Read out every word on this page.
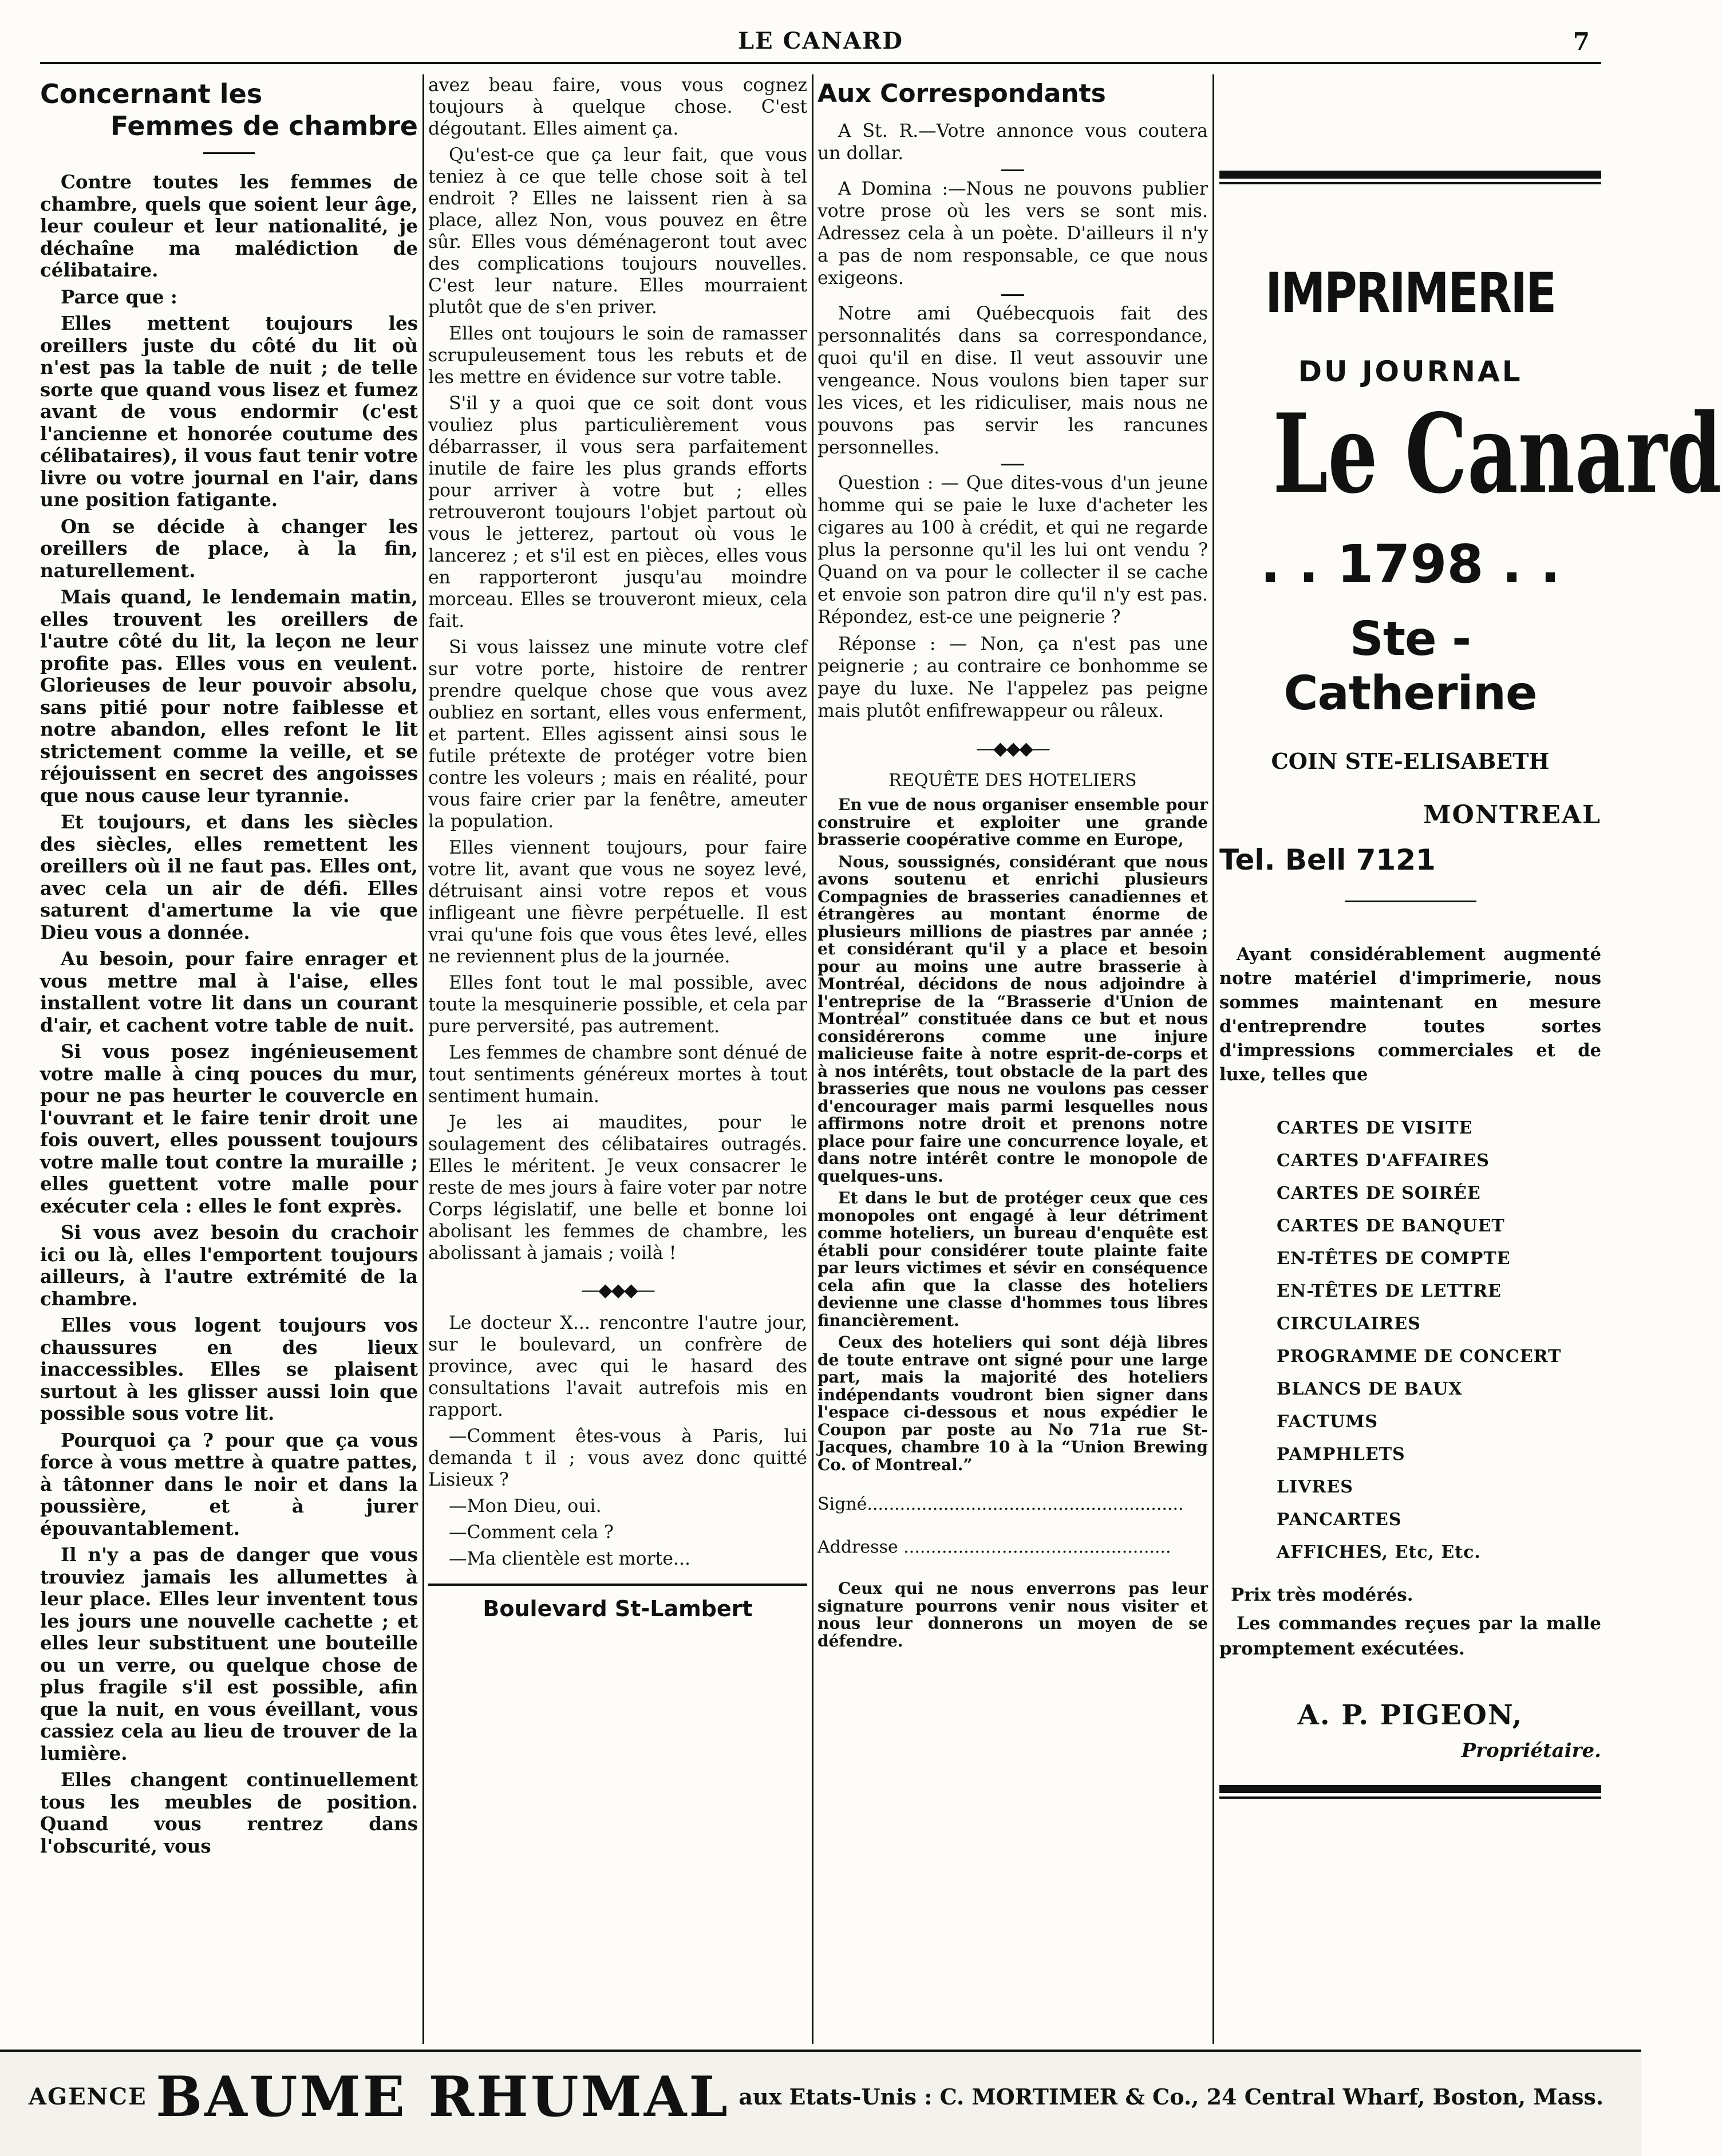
LE CANARD	7
Concernant les
Femmes de chambre

Contre toutes les femmes de chambre, quels que soient leur âge, leur couleur et leur nationalité, je déchaîne ma malédiction de célibataire.

Parce que :

Elles mettent toujours les oreillers juste du côté du lit où n'est pas la table de nuit ; de telle sorte que quand vous lisez et fumez avant de vous endormir (c'est l'ancienne et honorée coutume des célibataires), il vous faut tenir votre livre ou votre journal en l'air, dans une position fatigante.

On se décide à changer les oreillers de place, à la fin, naturellement.

Mais quand, le lendemain matin, elles trouvent les oreillers de l'autre côté du lit, la leçon ne leur profite pas. Elles vous en veulent. Glorieuses de leur pouvoir absolu, sans pitié pour notre faiblesse et notre abandon, elles refont le lit strictement comme la veille, et se réjouissent en secret des angoisses que nous cause leur tyrannie.

Et toujours, et dans les siècles des siècles, elles remettent les oreillers où il ne faut pas. Elles ont, avec cela un air de défi. Elles saturent d'amertume la vie que Dieu vous a donnée.

Au besoin, pour faire enrager et vous mettre mal à l'aise, elles installent votre lit dans un courant d'air, et cachent votre table de nuit.

Si vous posez ingénieusement votre malle à cinq pouces du mur, pour ne pas heurter le couvercle en l'ouvrant et le faire tenir droit une fois ouvert, elles poussent toujours votre malle tout contre la muraille ; elles guettent votre malle pour exécuter cela : elles le font exprès.

Si vous avez besoin du crachoir ici ou là, elles l'emportent toujours ailleurs, à l'autre extrémité de la chambre.

Elles vous logent toujours vos chaussures en des lieux inaccessibles. Elles se plaisent surtout à les glisser aussi loin que possible sous votre lit.

Pourquoi ça ? pour que ça vous force à vous mettre à quatre pattes, à tâtonner dans le noir et dans la poussière, et à jurer épouvantablement.

Il n'y a pas de danger que vous trouviez jamais les allumettes à leur place. Elles leur inventent tous les jours une nouvelle cachette ; et elles leur substituent une bouteille ou un verre, ou quelque chose de plus fragile s'il est possible, afin que la nuit, en vous éveillant, vous cassiez cela au lieu de trouver de la lumière.

Elles changent continuellement tous les meubles de position. Quand vous rentrez dans l'obscurité, vous

avez beau faire, vous vous cognez toujours à quelque chose. C'est dégoutant. Elles aiment ça.

Qu'est-ce que ça leur fait, que vous teniez à ce que telle chose soit à tel endroit ? Elles ne laissent rien à sa place, allez Non, vous pouvez en être sûr. Elles vous déménageront tout avec des complications toujours nouvelles. C'est leur nature. Elles mourraient plutôt que de s'en priver.

Elles ont toujours le soin de ramasser scrupuleusement tous les rebuts et de les mettre en évidence sur votre table.

S'il y a quoi que ce soit dont vous vouliez plus particulièrement vous débarrasser, il vous sera parfaitement inutile de faire les plus grands efforts pour arriver à votre but ; elles retrouveront toujours l'objet partout où vous le jetterez, partout où vous le lancerez ; et s'il est en pièces, elles vous en rapporteront jusqu'au moindre morceau. Elles se trouveront mieux, cela fait.

Si vous laissez une minute votre clef sur votre porte, histoire de rentrer prendre quelque chose que vous avez oubliez en sortant, elles vous enferment, et partent. Elles agissent ainsi sous le futile prétexte de protéger votre bien contre les voleurs ; mais en réalité, pour vous faire crier par la fenêtre, ameuter la population.

Elles viennent toujours, pour faire votre lit, avant que vous ne soyez levé, détruisant ainsi votre repos et vous infligeant une fièvre perpétuelle. Il est vrai qu'une fois que vous êtes levé, elles ne reviennent plus de la journée.

Elles font tout le mal possible, avec toute la mesquinerie possible, et cela par pure perversité, pas autrement.

Les femmes de chambre sont dénué de tout sentiments généreux mortes à tout sentiment humain.

Je les ai maudites, pour le soulagement des célibataires outragés. Elles le méritent. Je veux consacrer le reste de mes jours à faire voter par notre Corps législatif, une belle et bonne loi abolisant les femmes de chambre, les abolissant à jamais ; voilà !

—◆◆◆—

Le docteur X... rencontre l'autre jour, sur le boulevard, un confrère de province, avec qui le hasard des consultations l'avait autrefois mis en rapport.

—Comment êtes-vous à Paris, lui demanda t il ; vous avez donc quitté Lisieux ?

—Mon Dieu, oui.

—Comment cela ?

—Ma clientèle est morte...

Boulevard St-Lambert
Aux Correspondants

A St. R.—Votre annonce vous coutera un dollar.

A Domina :—Nous ne pouvons publier votre prose où les vers se sont mis. Adressez cela à un poète. D'ailleurs il n'y a pas de nom responsable, ce que nous exigeons.

Notre ami Québecquois fait des personnalités dans sa correspondance, quoi qu'il en dise. Il veut assouvir une vengeance. Nous voulons bien taper sur les vices, et les ridiculiser, mais nous ne pouvons pas servir les rancunes personnelles.

Question : — Que dites-vous d'un jeune homme qui se paie le luxe d'acheter les cigares au 100 à crédit, et qui ne regarde plus la personne qu'il les lui ont vendu ? Quand on va pour le collecter il se cache et envoie son patron dire qu'il n'y est pas. Répondez, est-ce une peignerie ?

Réponse : — Non, ça n'est pas une peignerie ; au contraire ce bonhomme se paye du luxe. Ne l'appelez pas peigne mais plutôt enfifrewappeur ou râleux.

—◆◆◆—
REQUÊTE DES HOTELIERS

En vue de nous organiser ensemble pour construire et exploiter une grande brasserie coopérative comme en Europe,

Nous, soussignés, considérant que nous avons soutenu et enrichi plusieurs Compagnies de brasseries canadiennes et étrangères au montant énorme de plusieurs millions de piastres par année ; et considérant qu'il y a place et besoin pour au moins une autre brasserie à Montréal, décidons de nous adjoindre à l'entreprise de la “Brasserie d'Union de Montréal” constituée dans ce but et nous considérerons comme une injure malicieuse faite à notre esprit-de-corps et à nos intérêts, tout obstacle de la part des brasseries que nous ne voulons pas cesser d'encourager mais parmi lesquelles nous affirmons notre droit et prenons notre place pour faire une concurrence loyale, et dans notre intérêt contre le monopole de quelques-uns.

Et dans le but de protéger ceux que ces monopoles ont engagé à leur détriment comme hoteliers, un bureau d'enquête est établi pour considérer toute plainte faite par leurs victimes et sévir en conséquence cela afin que la classe des hoteliers devienne une classe d'hommes tous libres financièrement.

Ceux des hoteliers qui sont déjà libres de toute entrave ont signé pour une large part, mais la majorité des hoteliers indépendants voudront bien signer dans l'espace ci-dessous et nous expédier le Coupon par poste au No 71a rue St-Jacques, chambre 10 à la “Union Brewing Co. of Montreal.”

Signé..........................................................
Addresse .................................................

Ceux qui ne nous enverrons pas leur signature pourrons venir nous visiter et nous leur donnerons un moyen de se défendre.

IMPRIMERIE
DU JOURNAL
Le Canard
. . 1798 . .
Ste - Catherine
COIN STE-ELISABETH
MONTREAL
Tel. Bell 7121
Ayant considérablement augmenté notre matériel d'imprimerie, nous sommes maintenant en mesure d'entreprendre toutes sortes d'impressions commerciales et de luxe, telles que
CARTES DE VISITE
CARTES D'AFFAIRES
CARTES DE SOIRÉE
CARTES DE BANQUET
EN-TÊTES DE COMPTE
EN-TÊTES DE LETTRE
CIRCULAIRES
PROGRAMME DE CONCERT
BLANCS DE BAUX
FACTUMS
PAMPHLETS
LIVRES
PANCARTES
AFFICHES, Etc, Etc.
Prix très modérés.
Les commandes reçues par la malle promptement exécutées.
A. P. PIGEON,
Propriétaire.
AGENCE BAUME RHUMAL aux Etats-Unis : C. MORTIMER & Co., 24 Central Wharf, Boston, Mass.
